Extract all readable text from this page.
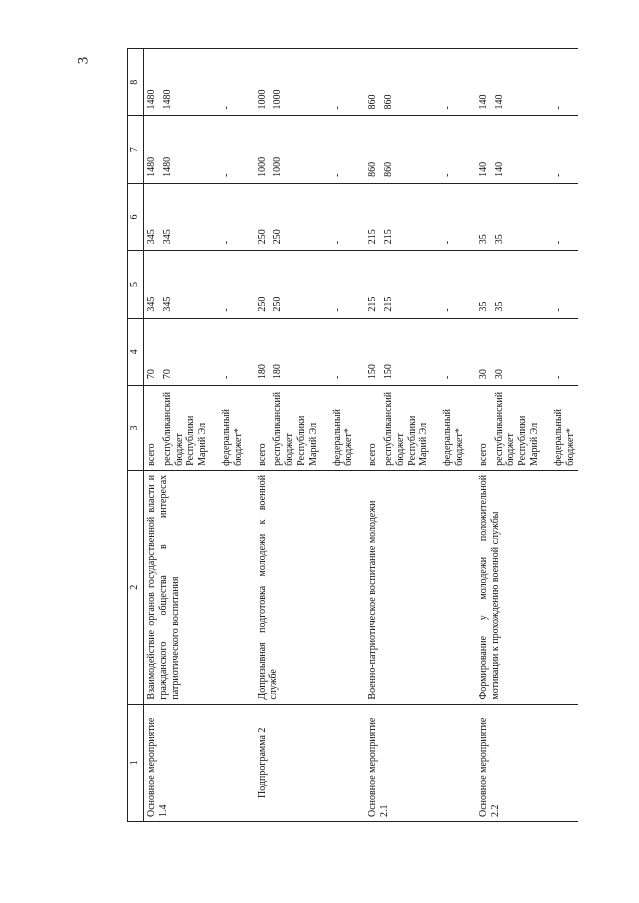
3
1	2	3	4	5	6	7	8
Основное мероприятие 1.4	Взаимодействие органов государственной власти и гражданского общества в интересах патриотического воспитания	всего	70	345	345	1480	1480
		республиканский бюджет Республики Марий Эл	70	345	345	1480	1480
		федеральный бюджет*	-	-	-	-	-
Подпрограмма 2	Допризывная подготовка молодежи к военной службе	всего	180	250	250	1000	1000
		республиканский бюджет Республики Марий Эл	180	250	250	1000	1000
		федеральный бюджет*	-	-	-	-	-
Основное мероприятие 2.1	Военно-патриотическое воспитание молодежи	всего	150	215	215	860	860
		республиканский бюджет Республики Марий Эл	150	215	215	860	860
		федеральный бюджет*	-	-	-	-	-
Основное мероприятие 2.2	Формирование у молодежи положительной мотивации к прохождению военной службы	всего	30	35	35	140	140
		республиканский бюджет Республики Марий Эл	30	35	35	140	140
		федеральный бюджет*	-	-	-	-	-
